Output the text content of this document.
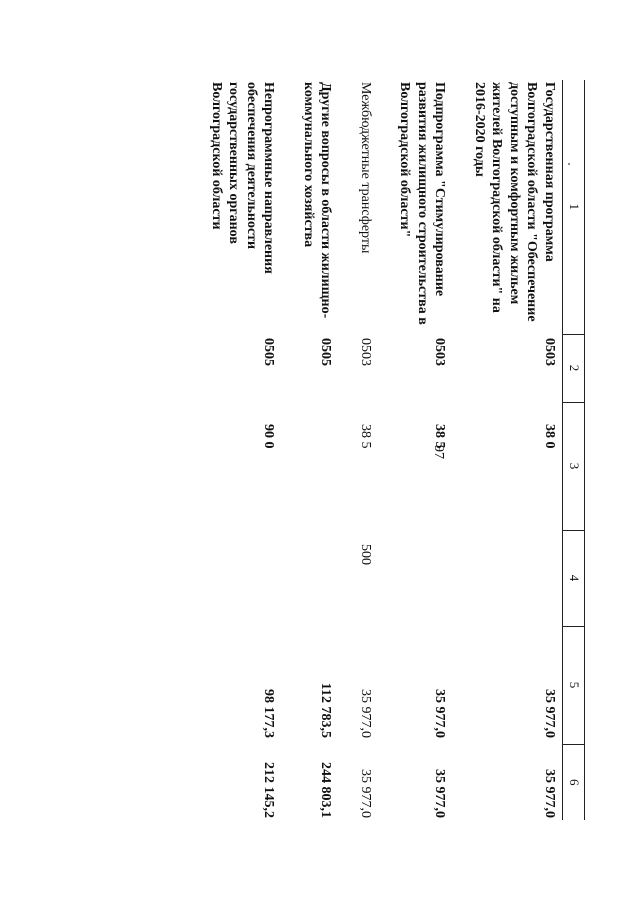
97
1	2	3	4	5	6
Государственная программа Волгоградской области "Обеспечение доступным и комфортным жильем жителей Волгоградской области" на 2016-2020 годы	0503	38 0		35 977,0	35 977,0
Подпрограмма "Стимулирование развития жилищного строительства в Волгоградской области"	0503	38 5		35 977,0	35 977,0
Межбюджетные трансферты	0503	38 5	500	35 977,0	35 977,0
Другие вопросы в области жилищно-коммунального хозяйства	0505			112 783,5	244 803,1
Непрограммные направления обеспечения деятельности государственных органов Волгоградской области	0505	90 0		98 177,3	212 145,2
